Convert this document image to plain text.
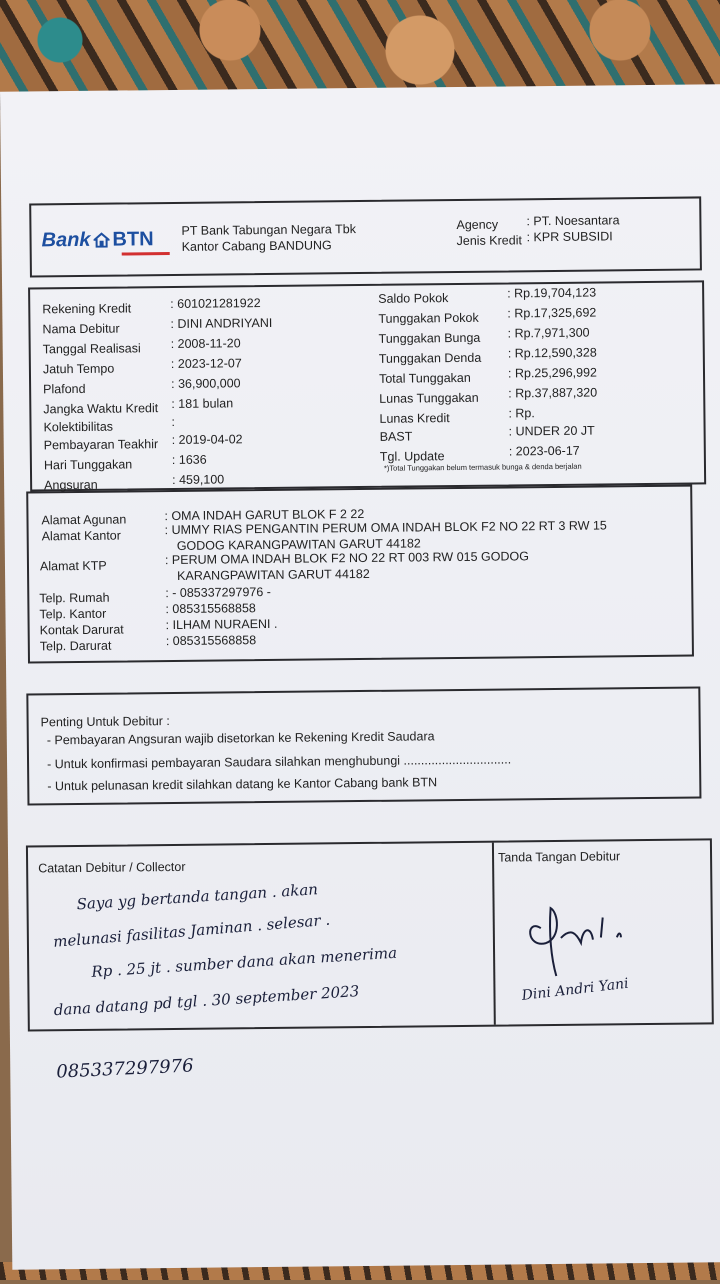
Bank BTN PT Bank Tabungan Negara Tbk
Kantor Cabang BANDUNG
Agency : PT. Noesantara
Jenis Kredit : KPR SUBSIDI
Rekening Kredit	: 601021281922
Nama Debitur	: DINI ANDRIYANI
Tanggal Realisasi : 2008-11-20
Jatuh Tempo	: 2023-12-07
Plafond	: 36,900,000
Jangka Waktu Kredit : 181 bulan
Kolektibilitas	:
Pembayaran Teakhir : 2019-04-02
Hari Tunggakan	: 1636
Angsuran	: 459,100
Saldo Pokok	: Rp.19,704,123
Tunggakan Pokok : Rp.17,325,692
Tunggakan Bunga : Rp.7,971,300
Tunggakan Denda : Rp.12,590,328
Total Tunggakan	: Rp.25,296,992
Lunas Tunggakan : Rp.37,887,320
Lunas Kredit	: Rp.
BAST	: UNDER 20 JT
Tgl. Update	: 2023-06-17
*)Total Tunggakan belum termasuk bunga & denda berjalan
Alamat Agunan	: OMA INDAH GARUT BLOK F 2 22
Alamat Kantor	: UMMY RIAS PENGANTIN PERUM OMA INDAH BLOK F2 NO 22 RT 3 RW 15
GODOG KARANGPAWITAN GARUT 44182
Alamat KTP	: PERUM OMA INDAH BLOK F2 NO 22 RT 003 RW 015 GODOG
KARANGPAWITAN GARUT 44182
Telp. Rumah	: - 085337297976 -
Telp. Kantor	: 085315568858
Kontak Darurat	: ILHAM NURAENI .
Telp. Darurat	: 085315568858
Penting Untuk Debitur :
- Pembayaran Angsuran wajib disetorkan ke Rekening Kredit Saudara
- Untuk konfirmasi pembayaran Saudara silahkan menghubungi ...............................
- Untuk pelunasan kredit silahkan datang ke Kantor Cabang bank BTN
Catatan Debitur / Collector
Tanda Tangan Debitur
Saya yg bertanda tangan . akan
melunasi fasilitas Jaminan . selesar .
Rp . 25 jt . sumber dana akan menerima
dana datang pd tgl . 30 september 2023	Dini Andri Yani
085337297976
